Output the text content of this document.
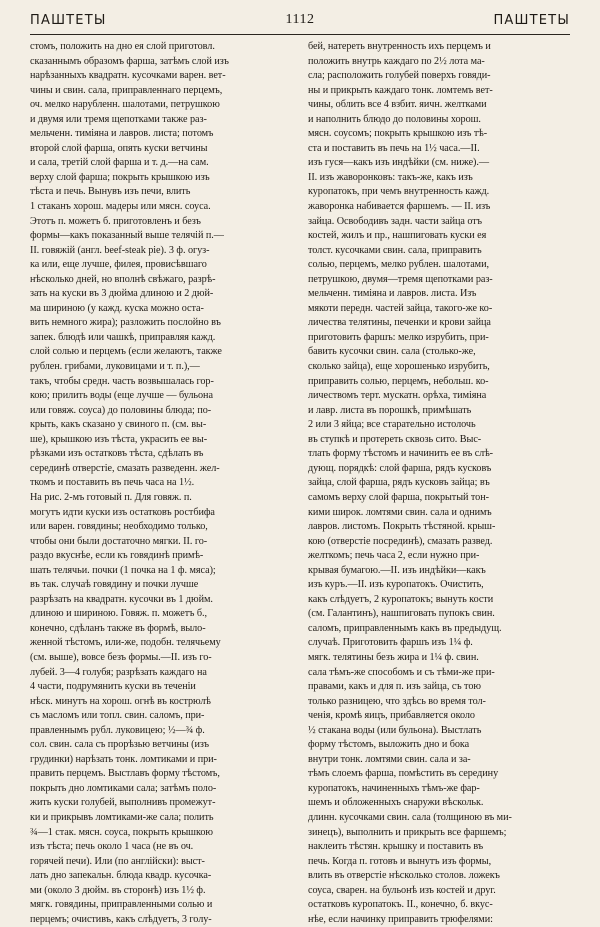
ПАШТЕТЫ	1112	ПАШТЕТЫ
стомъ, положить на дно ея слой приготовл.
сказаннымъ образомъ фарша, затѣмъ слой изъ
нарѣзанныхъ квадратн. кусочками варен. вет-
чины и свин. сала, приправленнаго перцемъ,
оч. мелко нарубленн. шалотами, петрушкою
и двумя или тремя щепотками также раз-
мельченн. тиміяна и лавров. листа; потомъ
второй слой фарша, опять куски ветчины
и сала, третій слой фарша и т. д.—на сам.
верху слой фарша; покрыть крышкою изъ
тѣста и печь. Вынувъ изъ печи, влить
1 стаканъ хорош. мадеры или мясн. соуса.
Этотъ п. можетъ б. приготовленъ и безъ
формы—какъ показанный выше телячій п.—
II. говяжій (англ. beef-steak pie). 3 ф. огуз-
ка или, еще лучше, филея, провисѣвшаго
нѣсколько дней, но вполнѣ свѣжаго, разрѣ-
зать на куски въ 3 дюйма длиною и 2 дюй-
ма шириною (у кажд. куска можно оста-
вить немного жира); разложить послойно въ
запек. блюдѣ или чашкѣ, приправляя кажд.
слой солью и перцемъ (если желаютъ, также
рублен. грибами, луковицами и т. п.),—
такъ, чтобы средн. часть возвышалась гор-
кою; прилить воды (еще лучше — бульона
или говяж. соуса) до половины блюда; по-
крыть, какъ сказано у свиного п. (см. вы-
ше), крышкою изъ тѣста, украсить ее вы-
рѣзками изъ остатковъ тѣста, сдѣлать въ
серединѣ отверстіе, смазать разведенн. жел-
ткомъ и поставить въ печь часа на 1½.
На рис. 2-мъ готовый п. Для говяж. п.
могутъ идти куски изъ остатковъ ростбифа
или варен. говядины; необходимо только,
чтобы они были достаточно мягки. II. го-
раздо вкуснѣе, если къ говядинѣ примѣ-
шать телячьи. почки (1 почка на 1 ф. мяса);
въ так. случаѣ говядину и почки лучше
разрѣзать на квадратн. кусочки въ 1 дюйм.
длиною и шириною. Говяж. п. можетъ б.,
конечно, сдѣланъ также въ формѣ, выло-
женной тѣстомъ, или-же, подобн. телячьему
(см. выше), вовсе безъ формы.—II. изъ го-
лубей. 3—4 голубя; разрѣзать каждаго на
4 части, подрумянить куски въ теченіи
нѣск. минутъ на хорош. огнѣ въ кострюлѣ
съ масломъ или топл. свин. саломъ, при-
правленнымъ рубл. луковицею; ½—¾ ф.
сол. свин. сала съ прорѣзью ветчины (изъ
грудинки) нарѣзать тонк. ломтиками и при-
править перцемъ. Выстлавъ форму тѣстомъ,
покрыть дно ломтиками сала; затѣмъ поло-
жить куски голубей, выполнивъ промежут-
ки и прикрывъ ломтиками-же сала; полить
¾—1 стак. мясн. соуса, покрыть крышкою
изъ тѣста; печь около 1 часа (не въ оч.
горячей печи). Или (по англійски): выст-
лать дно запекальн. блюда квадр. кусочка-
ми (около 3 дюйм. въ сторонѣ) изъ 1½ ф.
мягк. говядины, приправленными солью и
перцемъ; очистивъ, какъ слѣдуетъ, 3 голу-
бей, натереть внутренность ихъ перцемъ и
положить внутрь каждаго по 2½ лота ма-
сла; расположить голубей поверхъ говяди-
ны и прикрыть каждаго тонк. ломтемъ вет-
чины, облить все 4 взбит. яичн. желтками
и наполнить блюдо до половины хорош.
мясн. соусомъ; покрыть крышкою изъ тѣ-
ста и поставить въ печь на 1½ часа.—II.
изъ гуся—какъ изъ индѣйки (см. ниже).—
II. изъ жаворонковъ: такъ-же, какъ изъ
куропатокъ, при чемъ внутренность кажд.
жаворонка набивается фаршемъ. — II. изъ
зайца. Освободивъ задн. части зайца отъ
костей, жилъ и пр., нашпиговать куски ея
толст. кусочками свин. сала, приправить
солью, перцемъ, мелко рублен. шалотами,
петрушкою, двумя—тремя щепотками раз-
мельченн. тиміяна и лавров. листа. Изъ
мякоти передн. частей зайца, такого-же ко-
личества телятины, печенки и крови зайца
приготовить фаршъ: мелко изрубить, при-
бавить кусочки свин. сала (столько-же,
сколько зайца), еще хорошенько изрубить,
приправить солью, перцемъ, небольш. ко-
личествомъ терт. мускатн. орѣха, тиміяна
и лавр. листа въ порошкѣ, примѣшать
2 или 3 яйца; все старательно истолочь
въ ступкѣ и протереть сквозь сито. Выс-
тлать форму тѣстомъ и начинить ее въ слѣ-
дующ. порядкѣ: слой фарша, рядъ кусковъ
зайца, слой фарша, рядъ кусковъ зайца; въ
самомъ верху слой фарша, покрытый тон-
кими широк. ломтями свин. сала и однимъ
лавров. листомъ. Покрыть тѣстяной. крыш-
кою (отверстіе посрединѣ), смазать развед.
желткомъ; печь часа 2, если нужно при-
крывая бумагою.—II. изъ индѣйки—какъ
изъ куръ.—II. изъ куропатокъ. Очистить,
какъ слѣдуетъ, 2 куропатокъ; вынуть кости
(см. Галантинъ), нашпиговать пупокъ свин.
саломъ, приправленнымъ какъ въ предыдущ.
случаѣ. Приготовить фаршъ изъ 1¼ ф.
мягк. телятины безъ жира и 1¼ ф. свин.
сала тѣмъ-же способомъ и съ тѣми-же при-
правами, какъ и для п. изъ зайца, съ тою
только разницею, что здѣсь во время тол-
ченія, кромѣ яицъ, прибавляется около
½ стакана воды (или бульона). Выстлать
форму тѣстомъ, выложить дно и бока
внутри тонк. ломтями свин. сала и за-
тѣмъ слоемъ фарша, помѣстить въ середину
куропатокъ, начиненныхъ тѣмъ-же фар-
шемъ и обложенныхъ снаружи вѣскольк.
длинн. кусочками свин. сала (толщиною въ ми-
зинецъ), выполнить и прикрыть все фаршемъ;
наклеить тѣстян. крышку и поставить въ
печь. Когда п. готовъ и вынутъ изъ формы,
влить въ отверстіе нѣсколько столов. ложекъ
соуса, сварен. на бульонѣ изъ костей и друг.
остатковъ куропатокъ. II., конечно, б. вкус-
нѣе, если начинку приправить трюфелями:
